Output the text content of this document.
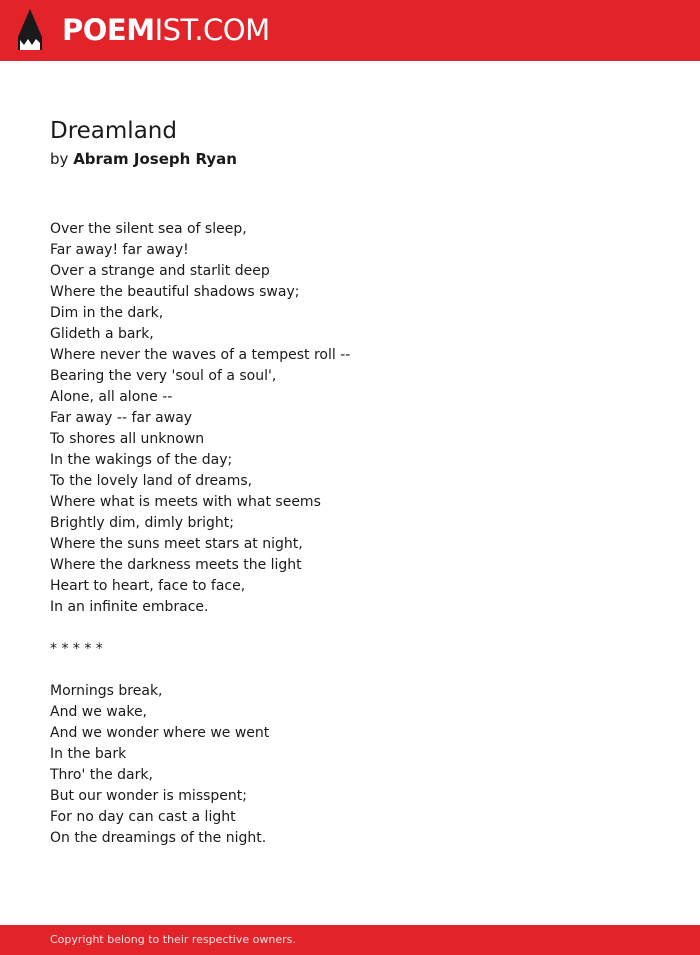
POEMIST.COM
Dreamland
by Abram Joseph Ryan
Over the silent sea of sleep,
Far away! far away!
Over a strange and starlit deep
Where the beautiful shadows sway;
Dim in the dark,
Glideth a bark,
Where never the waves of a tempest roll --
Bearing the very 'soul of a soul',
Alone, all alone --
Far away -- far away
To shores all unknown
In the wakings of the day;
To the lovely land of dreams,
Where what is meets with what seems
Brightly dim, dimly bright;
Where the suns meet stars at night,
Where the darkness meets the light
Heart to heart, face to face,
In an infinite embrace.
* * * * *
Mornings break,
And we wake,
And we wonder where we went
In the bark
Thro' the dark,
But our wonder is misspent;
For no day can cast a light
On the dreamings of the night.
Copyright belong to their respective owners.
